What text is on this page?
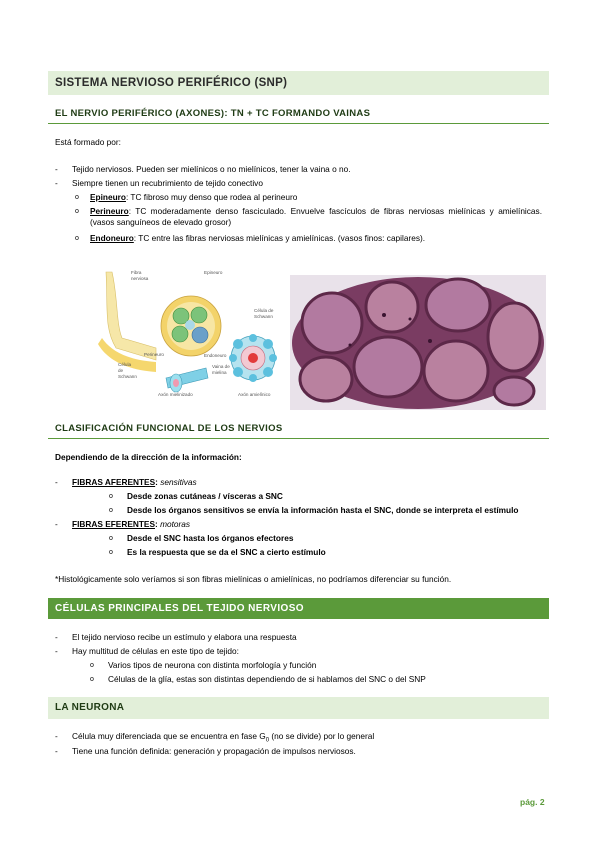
SISTEMA NERVIOSO PERIFÉRICO (SNP)
EL NERVIO PERIFÉRICO (AXONES): TN + TC FORMANDO VAINAS
Está formado por:
- Tejido nerviosos. Pueden ser mielínicos o no mielínicos, tener la vaina o no.
- Siempre tienen un recubrimiento de tejido conectivo
o Epineuro: TC fibroso muy denso que rodea al perineuro
o Perineuro: TC moderadamente denso fasciculado. Envuelve fascículos de fibras nerviosas mielínicas y amielínicas. (vasos sanguíneos de elevado grosor)
o Endoneuro: TC entre las fibras nerviosas mielínicas y amielínicas. (vasos finos: capilares).
Fibra
nerviosa
Epineuro
Célula de
Schwann
Perineuro	Endoneuro
Célula
de
Schwann
Vaina de
mielina
Axón mielinizado	Axón amielínico
CLASIFICACIÓN FUNCIONAL DE LOS NERVIOS
Dependiendo de la dirección de la información:
- FIBRAS AFERENTES: sensitivas
o Desde zonas cutáneas / vísceras a SNC
o Desde los órganos sensitivos se envía la información hasta el SNC, donde se interpreta el estímulo
- FIBRAS EFERENTES: motoras
o Desde el SNC hasta los órganos efectores
o Es la respuesta que se da el SNC a cierto estímulo
*Histológicamente solo veríamos si son fibras mielínicas o amielínicas, no podríamos diferenciar su función.
CÉLULAS PRINCIPALES DEL TEJIDO NERVIOSO
- El tejido nervioso recibe un estímulo y elabora una respuesta
- Hay multitud de células en este tipo de tejido:
o Varios tipos de neurona con distinta morfología y función
o Células de la glía, estas son distintas dependiendo de si hablamos del SNC o del SNP
LA NEURONA
- Célula muy diferenciada que se encuentra en fase $G_0$ (no se divide) por lo general
- Tiene una función definida: generación y propagación de impulsos nerviosos.
pág. 2
